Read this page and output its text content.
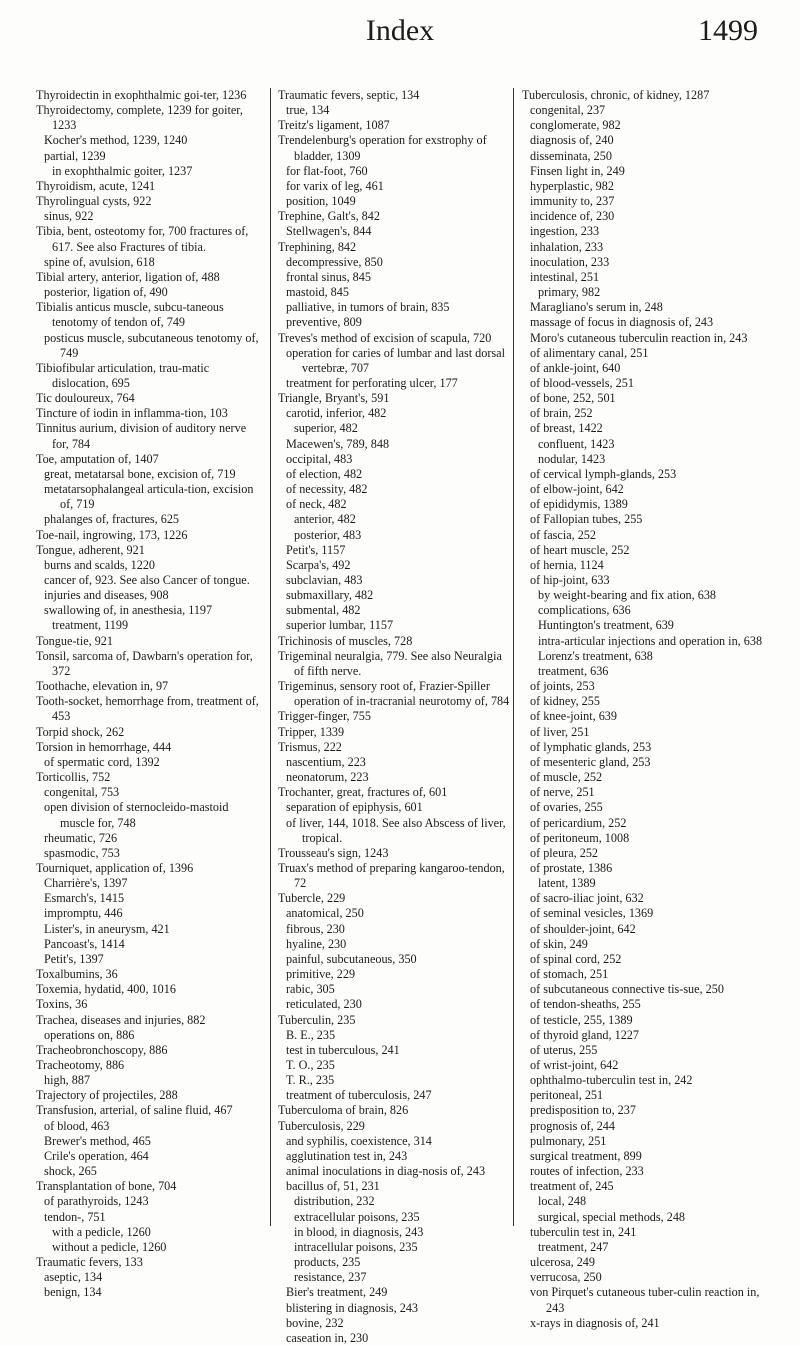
Index	1499

Thyroidectin in exophthalmic goi-ter, 1236

Thyroidectomy, complete, 1239 for goiter, 1233

Kocher's method, 1239, 1240

partial, 1239

in exophthalmic goiter, 1237

Thyroidism, acute, 1241

Thyrolingual cysts, 922

sinus, 922

Tibia, bent, osteotomy for, 700 fractures of, 617. See also Fractures of tibia.

spine of, avulsion, 618

Tibial artery, anterior, ligation of, 488

posterior, ligation of, 490

Tibialis anticus muscle, subcu-taneous tenotomy of tendon of, 749

posticus muscle, subcutaneous tenotomy of, 749

Tibiofibular articulation, trau-matic dislocation, 695

Tic douloureux, 764

Tincture of iodin in inflamma-tion, 103

Tinnitus aurium, division of auditory nerve for, 784

Toe, amputation of, 1407

great, metatarsal bone, excision of, 719

metatarsophalangeal articula-tion, excision of, 719

phalanges of, fractures, 625

Toe-nail, ingrowing, 173, 1226

Tongue, adherent, 921

burns and scalds, 1220

cancer of, 923. See also Cancer of tongue.

injuries and diseases, 908

swallowing of, in anesthesia, 1197

treatment, 1199

Tongue-tie, 921

Tonsil, sarcoma of, Dawbarn's operation for, 372

Toothache, elevation in, 97

Tooth-socket, hemorrhage from, treatment of, 453

Torpid shock, 262

Torsion in hemorrhage, 444

of spermatic cord, 1392

Torticollis, 752

congenital, 753

open division of sternocleido-mastoid muscle for, 748

rheumatic, 726

spasmodic, 753

Tourniquet, application of, 1396

Charrière's, 1397

Esmarch's, 1415

impromptu, 446

Lister's, in aneurysm, 421

Pancoast's, 1414

Petit's, 1397

Toxalbumins, 36

Toxemia, hydatid, 400, 1016

Toxins, 36

Trachea, diseases and injuries, 882

operations on, 886

Tracheobronchoscopy, 886

Tracheotomy, 886

high, 887

Trajectory of projectiles, 288

Transfusion, arterial, of saline fluid, 467

of blood, 463

Brewer's method, 465

Crile's operation, 464

shock, 265

Transplantation of bone, 704

of parathyroids, 1243

tendon-, 751

with a pedicle, 1260

without a pedicle, 1260

Traumatic fevers, 133

aseptic, 134

benign, 134

Traumatic fevers, septic, 134

true, 134

Treitz's ligament, 1087

Trendelenburg's operation for exstrophy of bladder, 1309

for flat-foot, 760

for varix of leg, 461

position, 1049

Trephine, Galt's, 842

Stellwagen's, 844

Trephining, 842

decompressive, 850

frontal sinus, 845

mastoid, 845

palliative, in tumors of brain, 835

preventive, 809

Treves's method of excision of scapula, 720

operation for caries of lumbar and last dorsal vertebræ, 707

treatment for perforating ulcer, 177

Triangle, Bryant's, 591

carotid, inferior, 482

superior, 482

Macewen's, 789, 848

occipital, 483

of election, 482

of necessity, 482

of neck, 482

anterior, 482

posterior, 483

Petit's, 1157

Scarpa's, 492

subclavian, 483

submaxillary, 482

submental, 482

superior lumbar, 1157

Trichinosis of muscles, 728

Trigeminal neuralgia, 779. See also Neuralgia of fifth nerve.

Trigeminus, sensory root of, Frazier-Spiller operation of in-tracranial neurotomy of, 784

Trigger-finger, 755

Tripper, 1339

Trismus, 222

nascentium, 223

neonatorum, 223

Trochanter, great, fractures of, 601

separation of epiphysis, 601

of liver, 144, 1018. See also Abscess of liver, tropical.

Trousseau's sign, 1243

Truax's method of preparing kangaroo-tendon, 72

Tubercle, 229

anatomical, 250

fibrous, 230

hyaline, 230

painful, subcutaneous, 350

primitive, 229

rabic, 305

reticulated, 230

Tuberculin, 235

B. E., 235

test in tuberculous, 241

T. O., 235

T. R., 235

treatment of tuberculosis, 247

Tuberculoma of brain, 826

Tuberculosis, 229

and syphilis, coexistence, 314

agglutination test in, 243

animal inoculations in diag-nosis of, 243

bacillus of, 51, 231

distribution, 232

extracellular poisons, 235

in blood, in diagnosis, 243

intracellular poisons, 235

products, 235

resistance, 237

Bier's treatment, 249

blistering in diagnosis, 243

bovine, 232

caseation in, 230

Tuberculosis, chronic, of kidney, 1287

congenital, 237

conglomerate, 982

diagnosis of, 240

disseminata, 250

Finsen light in, 249

hyperplastic, 982

immunity to, 237

incidence of, 230

ingestion, 233

inhalation, 233

inoculation, 233

intestinal, 251

primary, 982

Maragliano's serum in, 248

massage of focus in diagnosis of, 243

Moro's cutaneous tuberculin reaction in, 243

of alimentary canal, 251

of ankle-joint, 640

of blood-vessels, 251

of bone, 252, 501

of brain, 252

of breast, 1422

confluent, 1423

nodular, 1423

of cervical lymph-glands, 253

of elbow-joint, 642

of epididymis, 1389

of Fallopian tubes, 255

of fascia, 252

of heart muscle, 252

of hernia, 1124

of hip-joint, 633

by weight-bearing and fix ation, 638

complications, 636

Huntington's treatment, 639

intra-articular injections and operation in, 638

Lorenz's treatment, 638

treatment, 636

of joints, 253

of kidney, 255

of knee-joint, 639

of liver, 251

of lymphatic glands, 253

of mesenteric gland, 253

of muscle, 252

of nerve, 251

of ovaries, 255

of pericardium, 252

of peritoneum, 1008

of pleura, 252

of prostate, 1386

latent, 1389

of sacro-iliac joint, 632

of seminal vesicles, 1369

of shoulder-joint, 642

of skin, 249

of spinal cord, 252

of stomach, 251

of subcutaneous connective tis-sue, 250

of tendon-sheaths, 255

of testicle, 255, 1389

of thyroid gland, 1227

of uterus, 255

of wrist-joint, 642

ophthalmo-tuberculin test in, 242

peritoneal, 251

predisposition to, 237

prognosis of, 244

pulmonary, 251

surgical treatment, 899

routes of infection, 233

treatment of, 245

local, 248

surgical, special methods, 248

tuberculin test in, 241

treatment, 247

ulcerosa, 249

verrucosa, 250

von Pirquet's cutaneous tuber-culin reaction in, 243

x-rays in diagnosis of, 241
